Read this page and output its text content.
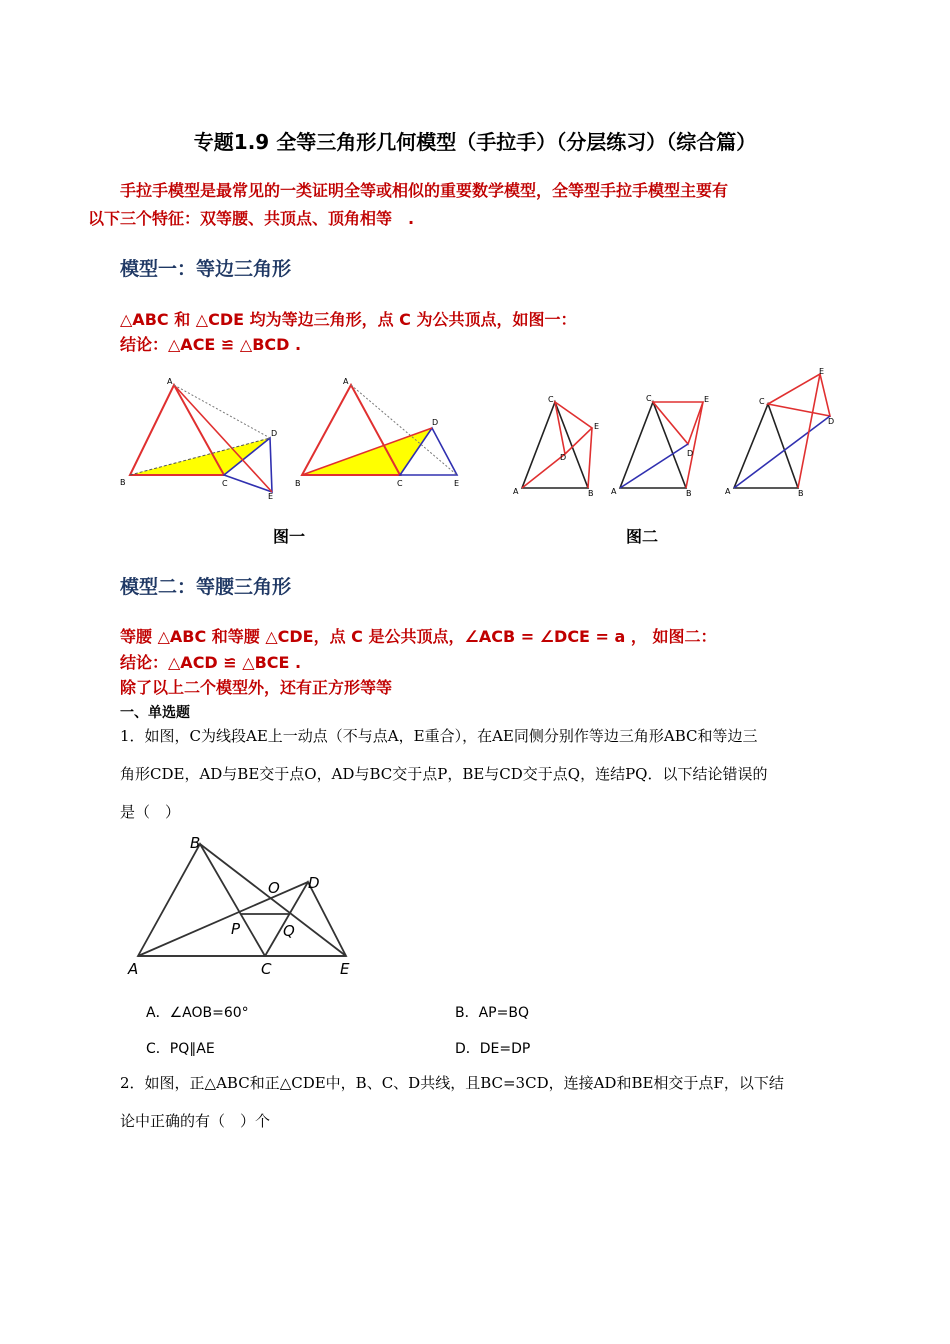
专题1.9 全等三角形几何模型（手拉手）（分层练习）（综合篇）
手拉手模型是最常见的一类证明全等或相似的重要数学模型，全等型手拉手模型主要有
以下三个特征：双等腰、共顶点、顶角相等　.
模型一：等边三角形
△ABC 和 △CDE 均为等边三角形，点 C 为公共顶点，如图一：
结论：△ACE ≌ △BCD .
A
B	C
D
E
A
B	C
D
E
C
E
D
A	B
C	E
D
A	B
C
E
D
A	B
图一	图二
模型二：等腰三角形
等腰 △ABC 和等腰 △CDE，点 C 是公共顶点，∠ACB = ∠DCE = a ， 如图二：
结论：△ACD ≌ △BCE .
除了以上二个模型外，还有正方形等等
一、单选题
1．如图，C为线段AE上一动点（不与点A，E重合），在AE同侧分别作等边三角形ABC和等边三
角形CDE，AD与BE交于点O，AD与BC交于点P，BE与CD交于点Q，连结PQ．以下结论错误的
是（　）
B
O D
P	Q
A	C	E
A．∠AOB=60°	B．AP=BQ
C．PQ∥AE	D．DE=DP
2．如图，正△ABC和正△CDE中，B、C、D共线，且BC=3CD，连接AD和BE相交于点F，以下结
论中正确的有（　）个
